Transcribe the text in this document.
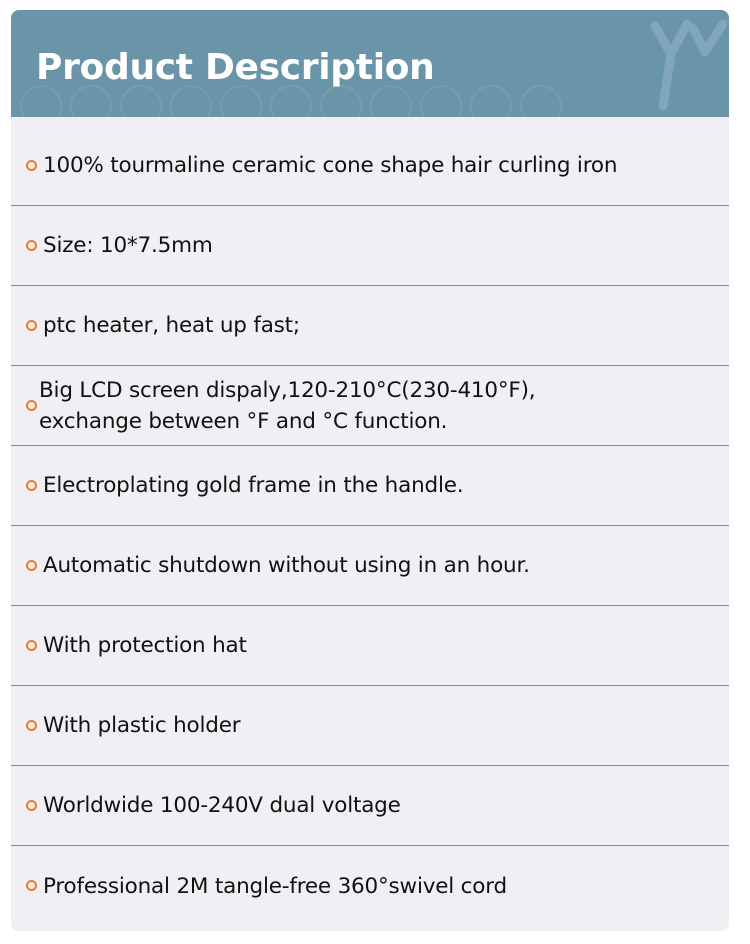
Product Description
100% tourmaline ceramic cone shape hair curling iron
Size: 10*7.5mm
ptc heater, heat up fast;
Big LCD screen dispaly,120-210°C(230-410°F),
exchange between °F and °C function.
Electroplating gold frame in the handle.
Automatic shutdown without using in an hour.
With protection hat
With plastic holder
Worldwide 100-240V dual voltage
Professional 2M tangle-free 360°swivel cord
